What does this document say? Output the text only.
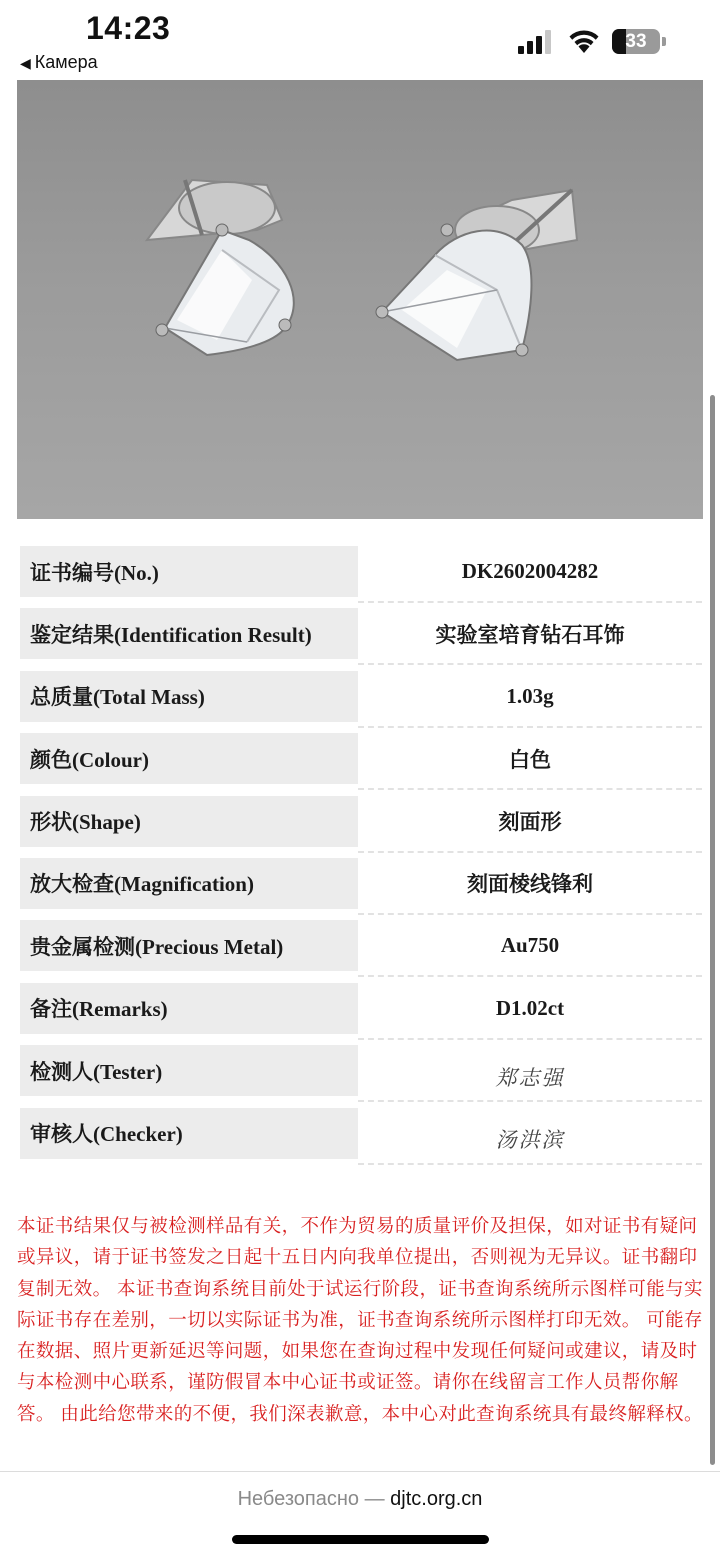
14:23
◀ Камера
33
证书编号(No.)	DK2602004282
鉴定结果(Identification Result)	实验室培育钻石耳饰
总质量(Total Mass)	1.03g
颜色(Colour)	白色
形状(Shape)	刻面形
放大检查(Magnification)	刻面棱线锋利
贵金属检测(Precious Metal)	Au750
备注(Remarks)	D1.02ct
检测人(Tester)	郑志强
审核人(Checker)	汤洪滨
本证书结果仅与被检测样品有关，不作为贸易的质量评价及担保，如对证书有疑问或异议，请于证书签发之日起十五日内向我单位提出，否则视为无异议。证书翻印复制无效。 本证书查询系统目前处于试运行阶段，证书查询系统所示图样可能与实际证书存在差别，一切以实际证书为准，证书查询系统所示图样打印无效。 可能存在数据、照片更新延迟等问题，如果您在查询过程中发现任何疑问或建议，请及时与本检测中心联系，谨防假冒本中心证书或证签。请你在线留言工作人员帮你解答。 由此给您带来的不便，我们深表歉意，本中心对此查询系统具有最终解释权。
Небезопасно — djtc.org.cn
